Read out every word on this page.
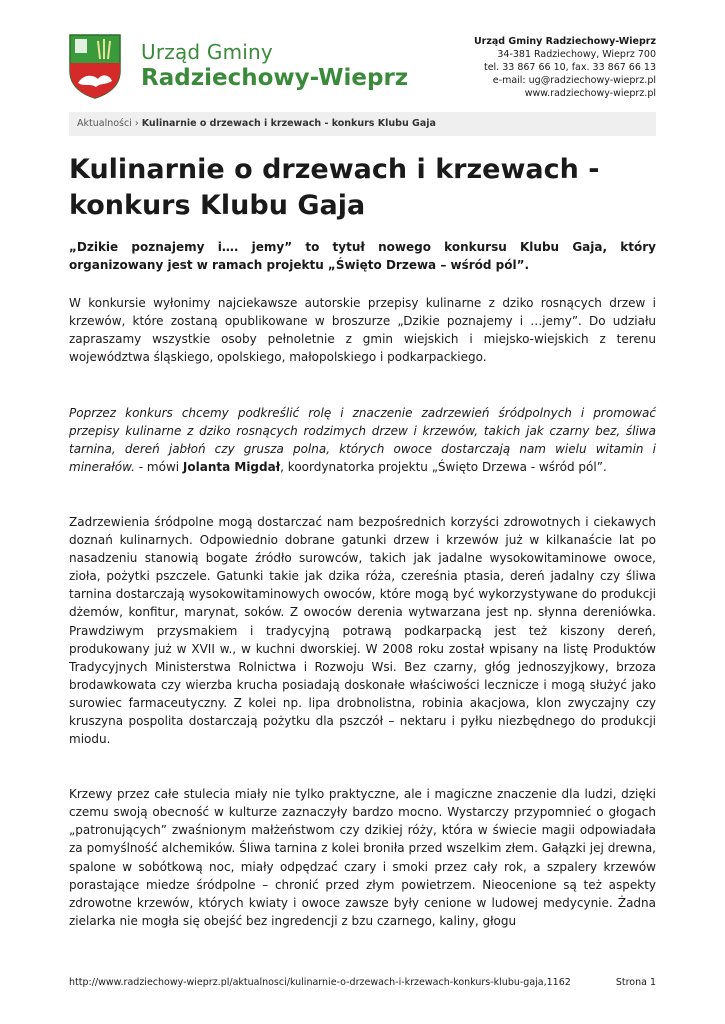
Urząd Gminy
Radziechowy-Wieprz
Urząd Gminy Radziechowy-Wieprz
34-381 Radziechowy, Wieprz 700
tel. 33 867 66 10, fax. 33 867 66 13
e-mail: ug@radziechowy-wieprz.pl
www.radziechowy-wieprz.pl
Aktualności › Kulinarnie o drzewach i krzewach - konkurs Klubu Gaja
Kulinarnie o drzewach i krzewach - konkurs Klubu Gaja

„Dzikie poznajemy i…. jemy” to tytuł nowego konkursu Klubu Gaja, który organizowany jest w ramach projektu „Święto Drzewa – wśród pól”.

W konkursie wyłonimy najciekawsze autorskie przepisy kulinarne z dziko rosnących drzew i krzewów, które zostaną opublikowane w broszurze „Dzikie poznajemy i …jemy”. Do udziału zapraszamy wszystkie osoby pełnoletnie z gmin wiejskich i miejsko-wiejskich z terenu województwa śląskiego, opolskiego, małopolskiego i podkarpackiego.

Poprzez konkurs chcemy podkreślić rolę i znaczenie zadrzewień śródpolnych i promować przepisy kulinarne z dziko rosnących rodzimych drzew i krzewów, takich jak czarny bez, śliwa tarnina, dereń jabłoń czy grusza polna, których owoce dostarczają nam wielu witamin i minerałów. - mówi Jolanta Migdał, koordynatorka projektu „Święto Drzewa - wśród pól”.

Zadrzewienia śródpolne mogą dostarczać nam bezpośrednich korzyści zdrowotnych i ciekawych doznań kulinarnych. Odpowiednio dobrane gatunki drzew i krzewów już w kilkanaście lat po nasadzeniu stanowią bogate źródło surowców, takich jak jadalne wysokowitaminowe owoce, zioła, pożytki pszczele. Gatunki takie jak dzika róża, czereśnia ptasia, dereń jadalny czy śliwa tarnina dostarczają wysokowitaminowych owoców, które mogą być wykorzystywane do produkcji dżemów, konfitur, marynat, soków. Z owoców derenia wytwarzana jest np. słynna dereniówka. Prawdziwym przysmakiem i tradycyjną potrawą podkarpacką jest też kiszony dereń, produkowany już w XVII w., w kuchni dworskiej. W 2008 roku został wpisany na listę Produktów Tradycyjnych Ministerstwa Rolnictwa i Rozwoju Wsi. Bez czarny, głóg jednoszyjkowy, brzoza brodawkowata czy wierzba krucha posiadają doskonałe właściwości lecznicze i mogą służyć jako surowiec farmaceutyczny. Z kolei np. lipa drobnolistna, robinia akacjowa, klon zwyczajny czy kruszyna pospolita dostarczają pożytku dla pszczół – nektaru i pyłku niezbędnego do produkcji miodu.

Krzewy przez całe stulecia miały nie tylko praktyczne, ale i magiczne znaczenie dla ludzi, dzięki czemu swoją obecność w kulturze zaznaczyły bardzo mocno. Wystarczy przypomnieć o głogach „patronujących” zwaśnionym małżeństwom czy dzikiej róży, która w świecie magii odpowiadała za pomyślność alchemików. Śliwa tarnina z kolei broniła przed wszelkim złem. Gałązki jej drewna, spalone w sobótkową noc, miały odpędzać czary i smoki przez cały rok, a szpalery krzewów porastające miedze śródpolne – chronić przed złym powietrzem. Nieocenione są też aspekty zdrowotne krzewów, których kwiaty i owoce zawsze były cenione w ludowej medycynie. Żadna zielarka nie mogła się obejść bez ingredencji z bzu czarnego, kaliny, głogu

http://www.radziechowy-wieprz.pl/aktualnosci/kulinarnie-o-drzewach-i-krzewach-konkurs-klubu-gaja,1162	Strona 1
